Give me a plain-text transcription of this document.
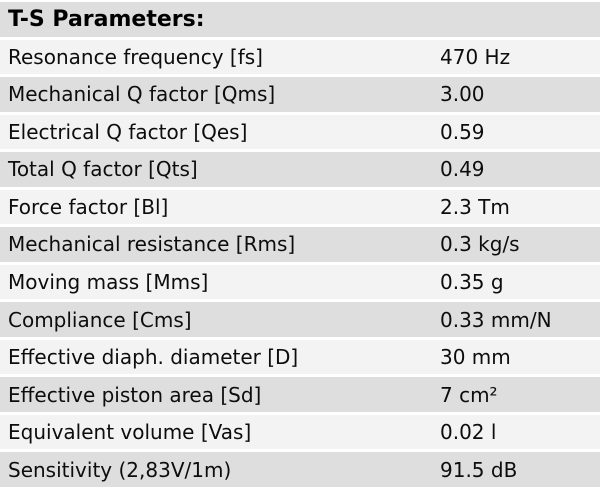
T-S Parameters:
Resonance frequency [fs]	470 Hz
Mechanical Q factor [Qms]	3.00
Electrical Q factor [Qes]	0.59
Total Q factor [Qts]	0.49
Force factor [Bl]	2.3 Tm
Mechanical resistance [Rms]	0.3 kg/s
Moving mass [Mms]	0.35 g
Compliance [Cms]	0.33 mm/N
Effective diaph. diameter [D]	30 mm
Effective piston area [Sd]	7 cm²
Equivalent volume [Vas]	0.02 l
Sensitivity (2,83V/1m)	91.5 dB
